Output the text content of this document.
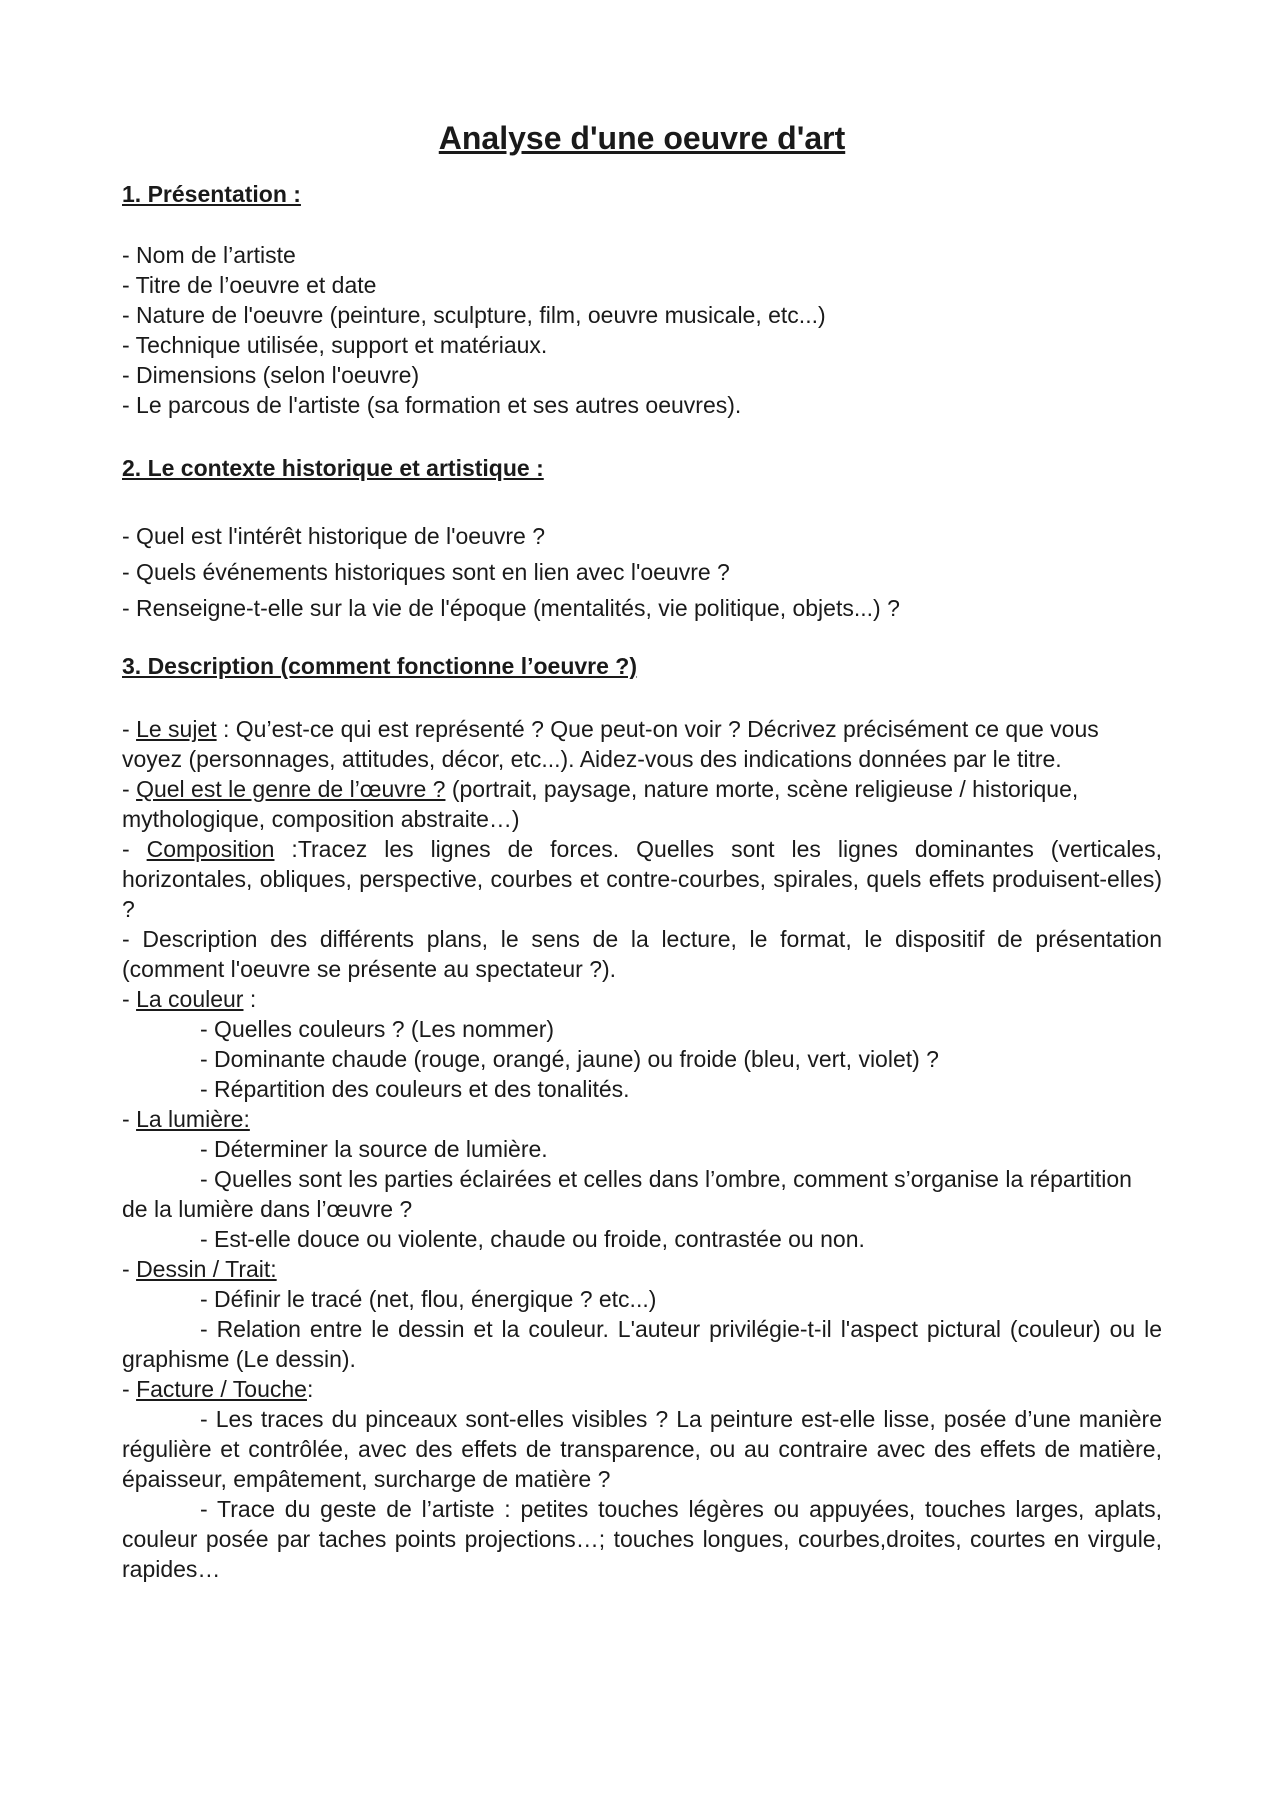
Analyse d'une oeuvre d'art

1. Présentation :

- Nom de l’artiste

- Titre de l’oeuvre et date

- Nature de l'oeuvre (peinture, sculpture, film, oeuvre musicale, etc...)

- Technique utilisée, support et matériaux.

- Dimensions (selon l'oeuvre)

- Le parcous de l'artiste (sa formation et ses autres oeuvres).

2. Le contexte historique et artistique :

- Quel est l'intérêt historique de l'oeuvre ?

- Quels événements historiques sont en lien avec l'oeuvre ?

- Renseigne-t-elle sur la vie de l'époque (mentalités, vie politique, objets...) ?

3. Description (comment fonctionne l’oeuvre ?)

- Le sujet : Qu’est-ce qui est représenté ? Que peut-on voir ? Décrivez précisément ce que vous voyez (personnages, attitudes, décor, etc...). Aidez-vous des indications données par le titre.

- Quel est le genre de l’œuvre ? (portrait, paysage, nature morte, scène religieuse / historique, mythologique, composition abstraite…)

- Composition :Tracez les lignes de forces. Quelles sont les lignes dominantes (verticales, horizontales, obliques, perspective, courbes et contre-courbes, spirales, quels effets produisent-elles) ?

- Description des différents plans, le sens de la lecture, le format, le dispositif de présentation (comment l'oeuvre se présente au spectateur ?).

- La couleur :

- Quelles couleurs ? (Les nommer)

- Dominante chaude (rouge, orangé, jaune) ou froide (bleu, vert, violet) ?

- Répartition des couleurs et des tonalités.

- La lumière:

- Déterminer la source de lumière.

- Quelles sont les parties éclairées et celles dans l’ombre, comment s’organise la répartition de la lumière dans l’œuvre ?

- Est-elle douce ou violente, chaude ou froide, contrastée ou non.

- Dessin / Trait:

- Définir le tracé (net, flou, énergique ? etc...)

- Relation entre le dessin et la couleur. L'auteur privilégie-t-il l'aspect pictural (couleur) ou le graphisme (Le dessin).

- Facture / Touche:

- Les traces du pinceaux sont-elles visibles ? La peinture est-elle lisse, posée d’une manière régulière et contrôlée, avec des effets de transparence, ou au contraire avec des effets de matière, épaisseur, empâtement, surcharge de matière ?

- Trace du geste de l’artiste : petites touches légères ou appuyées, touches larges, aplats, couleur posée par taches points projections…; touches longues, courbes,droites, courtes en virgule, rapides…
